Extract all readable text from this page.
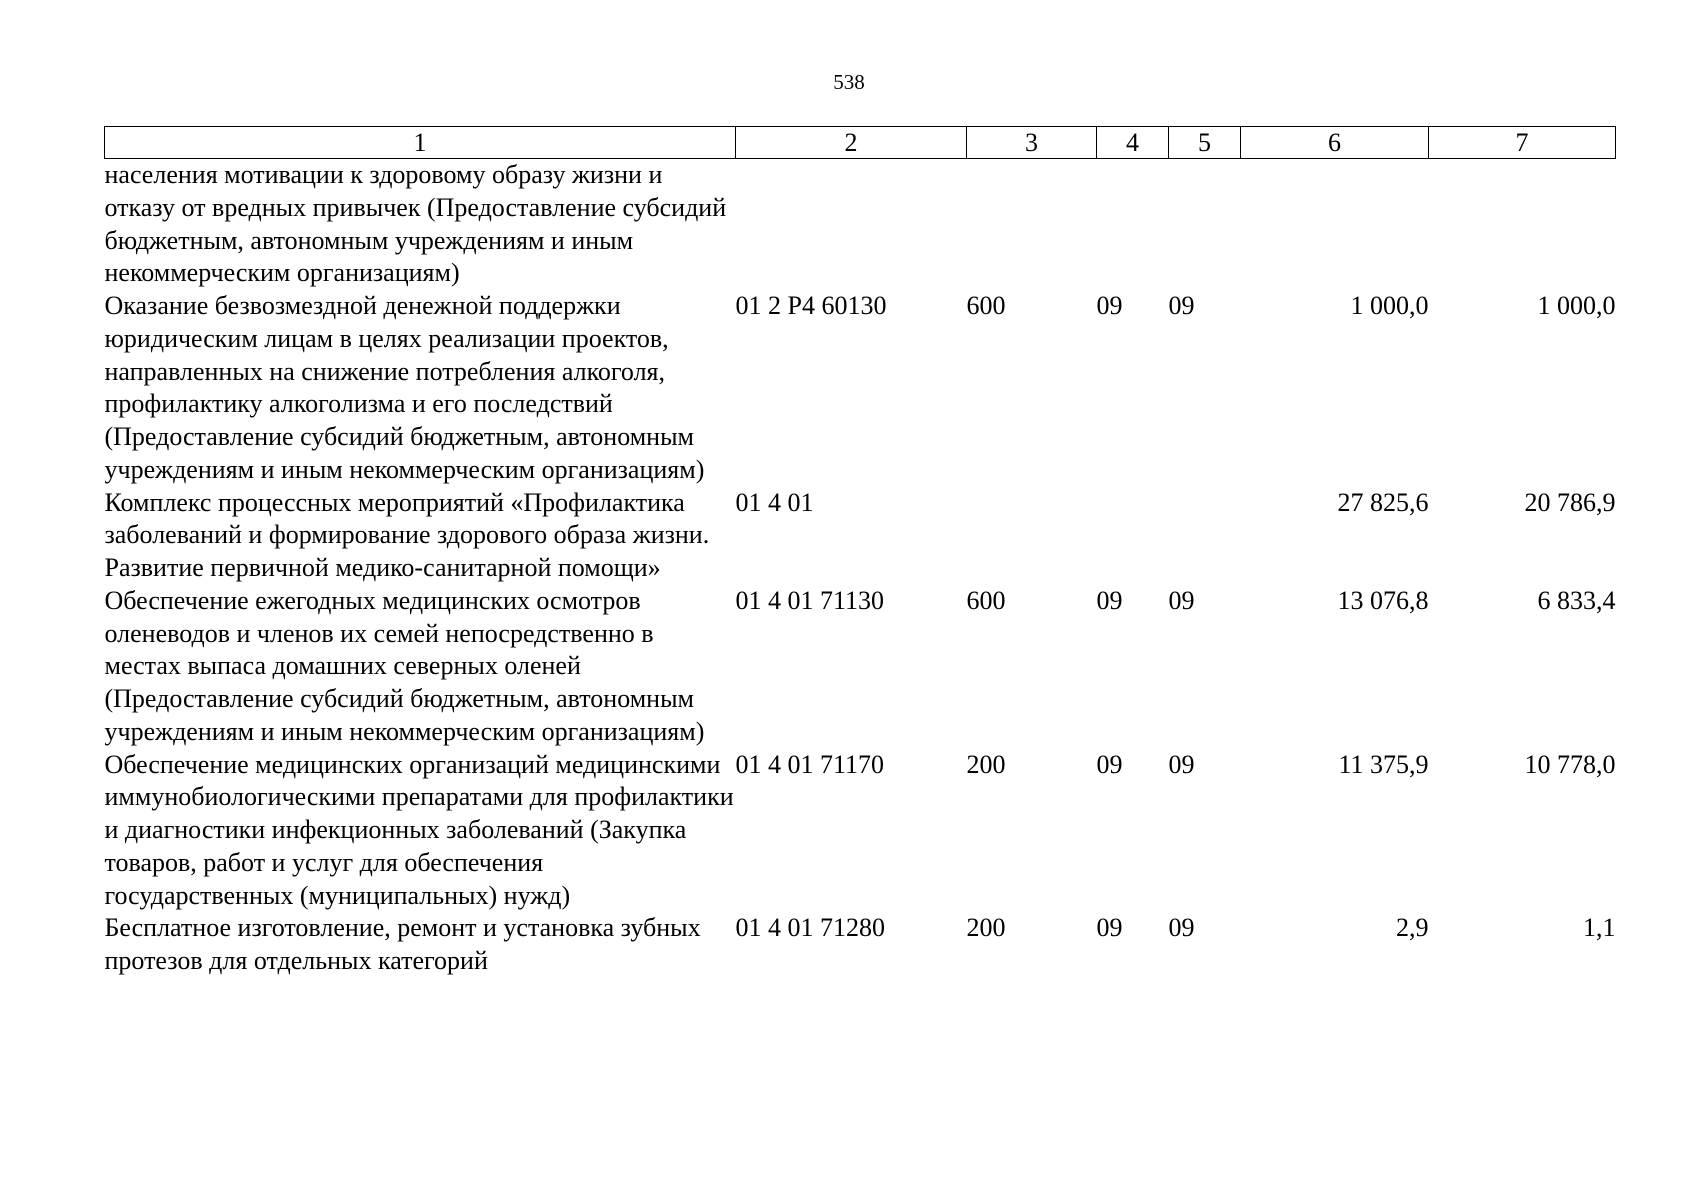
538
1	2	3	4	5	6	7
населения мотивации к здоровому образу жизни и отказу от вредных привычек (Предоставление субсидий бюджетным, автономным учреждениям и иным некоммерческим организациям)						
Оказание безвозмездной денежной поддержки юридическим лицам в целях реализации проектов, направленных на снижение потребления алкоголя, профилактику алкоголизма и его последствий (Предоставление субсидий бюджетным, автономным учреждениям и иным некоммерческим организациям)	01 2 Р4 60130	600	09	09	1 000,0	1 000,0
Комплекс процессных мероприятий «Профилактика заболеваний и формирование здорового образа жизни. Развитие первичной медико-санитарной помощи»	01 4 01				27 825,6	20 786,9
Обеспечение ежегодных медицинских осмотров оленеводов и членов их семей непосредственно в местах выпаса домашних северных оленей (Предоставление субсидий бюджетным, автономным учреждениям и иным некоммерческим организациям)	01 4 01 71130	600	09	09	13 076,8	6 833,4
Обеспечение медицинских организаций медицинскими иммунобиологическими препаратами для профилактики и диагностики инфекционных заболеваний (Закупка товаров, работ и услуг для обеспечения государственных (муниципальных) нужд)	01 4 01 71170	200	09	09	11 375,9	10 778,0
Бесплатное изготовление, ремонт и установка зубных протезов для отдельных категорий	01 4 01 71280	200	09	09	2,9	1,1
